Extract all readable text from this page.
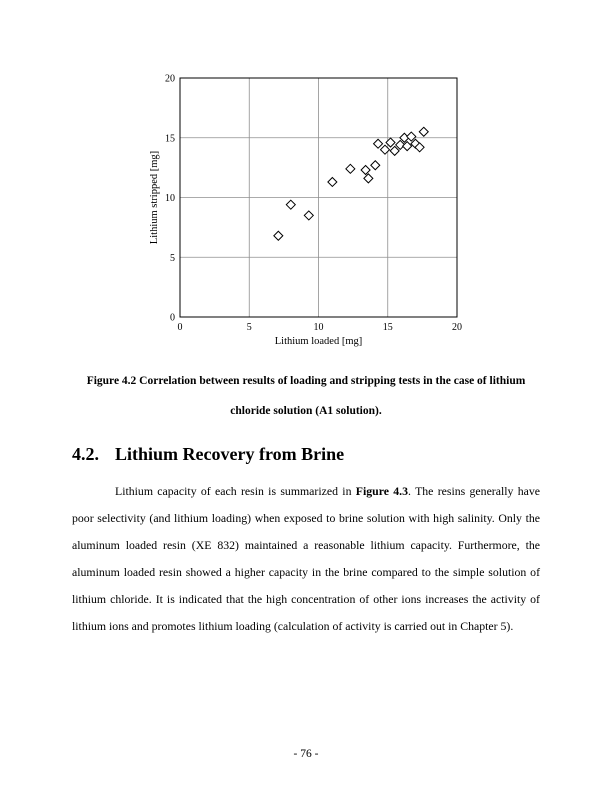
0	5	10	15	20
0
5
10
15
20
Lithium loaded [mg]
Lithium stripped [mg]
Figure 4.2 Correlation between results of loading and stripping tests in the case of lithium
chloride solution (A1 solution).
4.2. Lithium Recovery from Brine

Lithium capacity of each resin is summarized in Figure 4.3. The resins generally have poor selectivity (and lithium loading) when exposed to brine solution with high salinity. Only the aluminum loaded resin (XE 832) maintained a reasonable lithium capacity. Furthermore, the aluminum loaded resin showed a higher capacity in the brine compared to the simple solution of lithium chloride. It is indicated that the high concentration of other ions increases the activity of lithium ions and promotes lithium loading (calculation of activity is carried out in Chapter 5).

- 76 -
